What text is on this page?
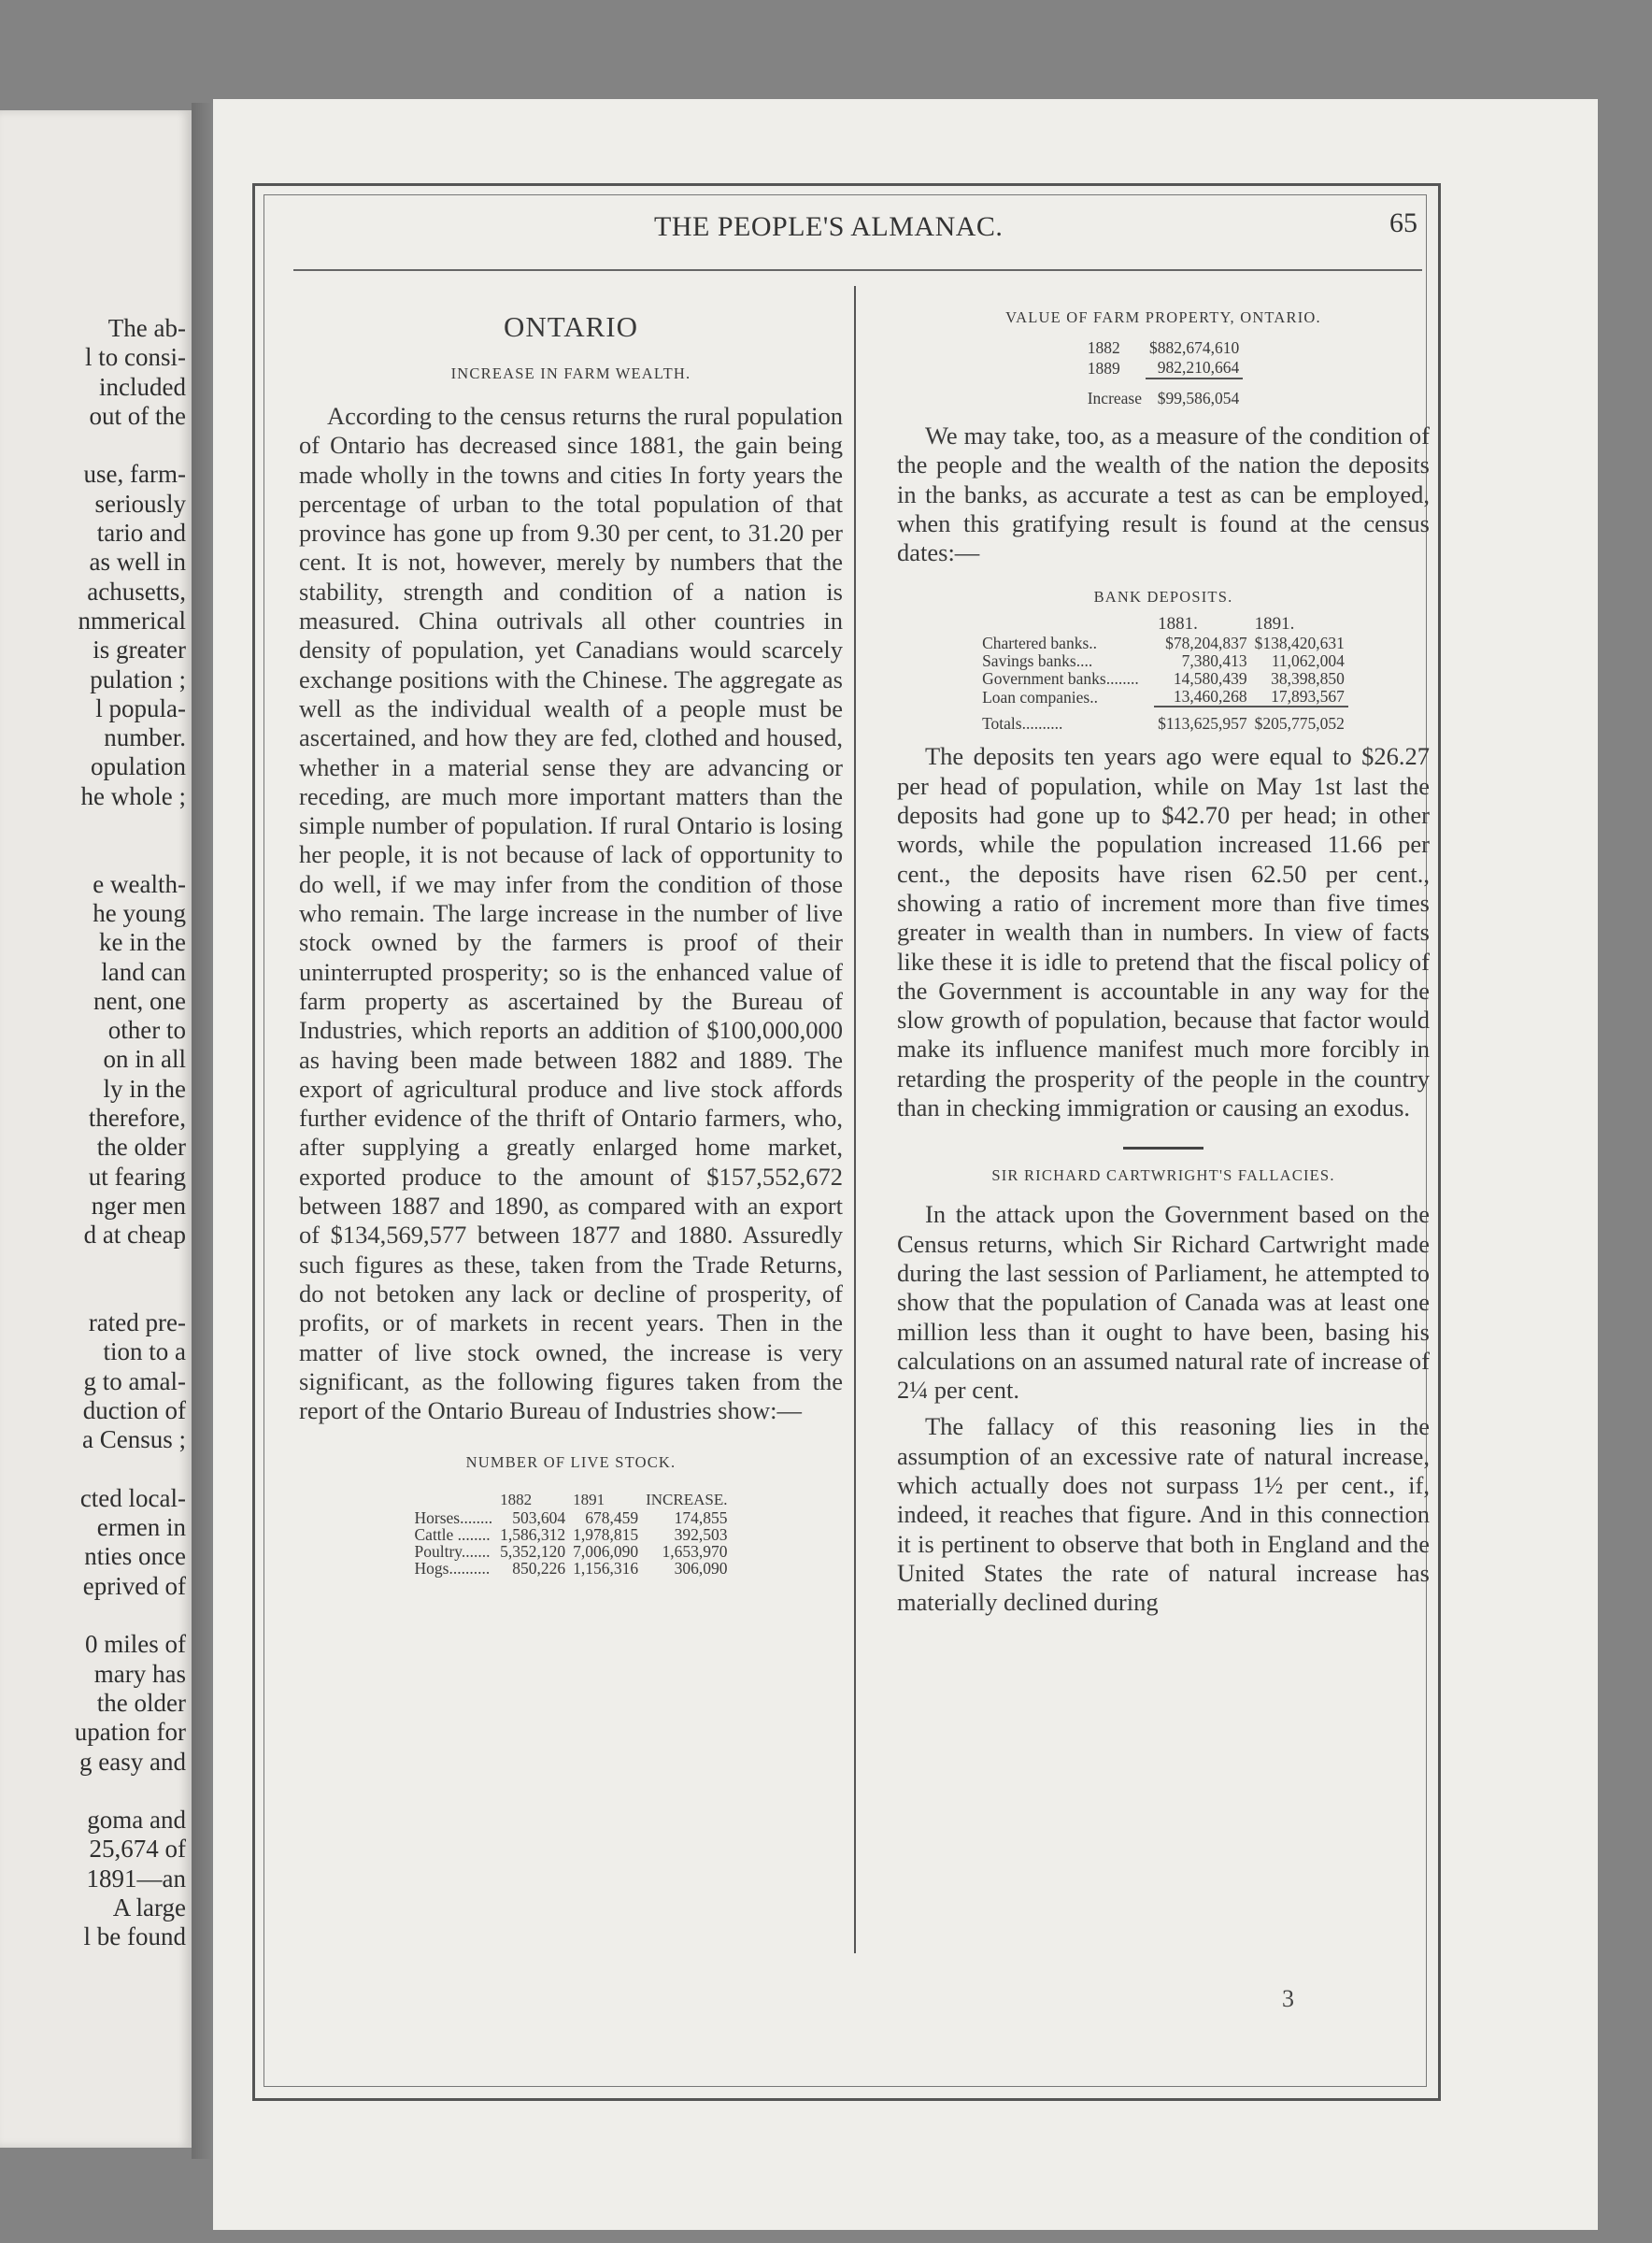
The ab-
l to consi-
included
out of the

use, farm-
seriously
tario and
as well in
achusetts,
nmmerical
is greater
pulation ;
l popula-
number.
opulation
he whole ;

e wealth-
he young
ke in the
land can
nent, one
other to
on in all
ly in the
therefore,
the older
ut fearing
nger men
d at cheap

rated pre-
tion to a
g to amal-
duction of
a Census ;

cted local-
ermen in
nties once
eprived of

0 miles of
mary has
the older
upation for
g easy and

goma and
25,674 of
1891—an
A large
l be found
THE PEOPLE'S ALMANAC.	65
ONTARIO
INCREASE IN FARM WEALTH.

According to the census returns the rural population of Ontario has decreased since 1881, the gain being made wholly in the towns and cities In forty years the percentage of urban to the total population of that province has gone up from 9.30 per cent, to 31.20 per cent. It is not, however, merely by numbers that the stability, strength and condition of a nation is measured. China outrivals all other countries in density of population, yet Canadians would scarcely exchange positions with the Chinese. The aggregate as well as the individual wealth of a people must be ascertained, and how they are fed, clothed and housed, whether in a material sense they are advancing or receding, are much more important matters than the simple number of population. If rural Ontario is losing her people, it is not because of lack of opportunity to do well, if we may infer from the condition of those who remain. The large increase in the number of live stock owned by the farmers is proof of their uninterrupted prosperity; so is the enhanced value of farm property as ascertained by the Bureau of Industries, which reports an addition of $100,000,000 as having been made between 1882 and 1889. The export of agricultural produce and live stock affords further evidence of the thrift of Ontario farmers, who, after supplying a greatly enlarged home market, exported produce to the amount of $157,552,672 between 1887 and 1890, as compared with an export of $134,569,577 between 1877 and 1880. Assuredly such figures as these, taken from the Trade Returns, do not betoken any lack or decline of prosperity, of profits, or of markets in recent years. Then in the matter of live stock owned, the increase is very significant, as the following figures taken from the report of the Ontario Bureau of Industries show:—

NUMBER OF LIVE STOCK.
	1882	1891	INCREASE.
Horses........	503,604	678,459	174,855
Cattle ........	1,586,312	1,978,815	392,503
Poultry.......	5,352,120	7,006,090	1,653,970
Hogs..........	850,226	1,156,316	306,090
VALUE OF FARM PROPERTY, ONTARIO.
1882	$882,674,610
1889	982,210,664
Increase	$99,586,054

We may take, too, as a measure of the condition of the people and the wealth of the nation the deposits in the banks, as accurate a test as can be employed, when this gratifying result is found at the census dates:—

BANK DEPOSITS.
	1881.	1891.
Chartered banks..	$78,204,837	$138,420,631
Savings banks....	7,380,413	11,062,004
Government banks........	14,580,439	38,398,850
Loan companies..	13,460,268	17,893,567
Totals..........	$113,625,957	$205,775,052

The deposits ten years ago were equal to $26.27 per head of population, while on May 1st last the deposits had gone up to $42.70 per head; in other words, while the population increased 11.66 per cent., the deposits have risen 62.50 per cent., showing a ratio of increment more than five times greater in wealth than in numbers. In view of facts like these it is idle to pretend that the fiscal policy of the Government is accountable in any way for the slow growth of population, because that factor would make its influence manifest much more forcibly in retarding the prosperity of the people in the country than in checking immigration or causing an exodus.

SIR RICHARD CARTWRIGHT'S FALLACIES.

In the attack upon the Government based on the Census returns, which Sir Richard Cartwright made during the last session of Parliament, he attempted to show that the population of Canada was at least one million less than it ought to have been, basing his calculations on an assumed natural rate of increase of 2¼ per cent.

The fallacy of this reasoning lies in the assumption of an excessive rate of natural increase, which actually does not surpass 1½ per cent., if, indeed, it reaches that figure. And in this connection it is pertinent to observe that both in England and the United States the rate of natural increase has materially declined during

3
